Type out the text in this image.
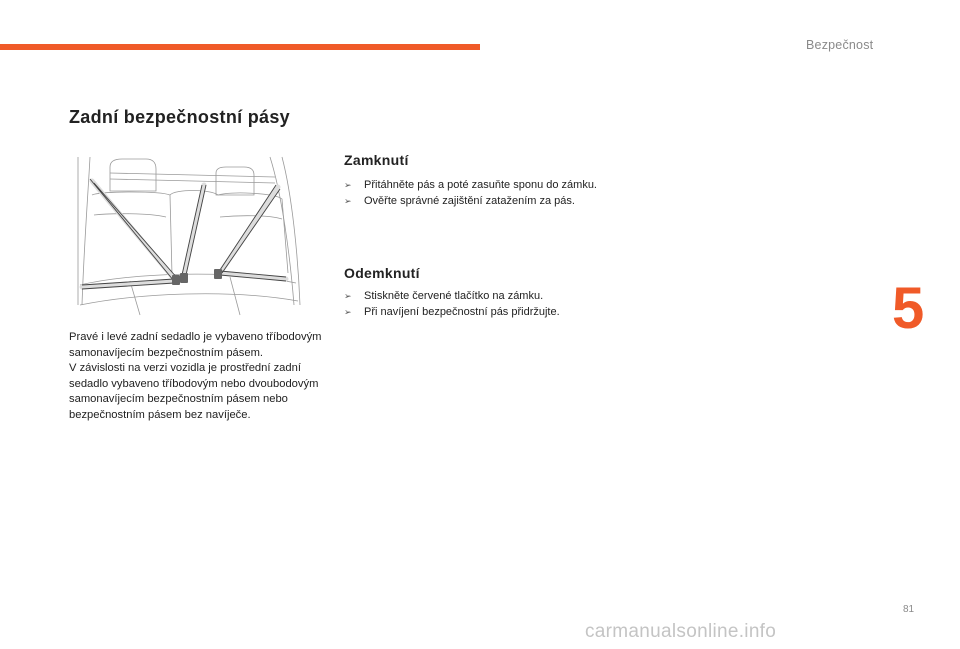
Bezpečnost
Zadní bezpečnostní pásy

Pravé i levé zadní sedadlo je vybaveno tříbodovým samonavíjecím bezpečnostním pásem.

V závislosti na verzi vozidla je prostřední zadní sedadlo vybaveno tříbodovým nebo dvoubodovým samonavíjecím bezpečnostním pásem nebo bezpečnostním pásem bez navíječe.

Zamknutí
➢ Přitáhněte pás a poté zasuňte sponu do zámku.
➢ Ověřte správné zajištění zatažením za pás.
Odemknutí
➢ Stiskněte červené tlačítko na zámku.
➢ Při navíjení bezpečnostní pás přidržujte.	5
81
carmanualsonline.info
